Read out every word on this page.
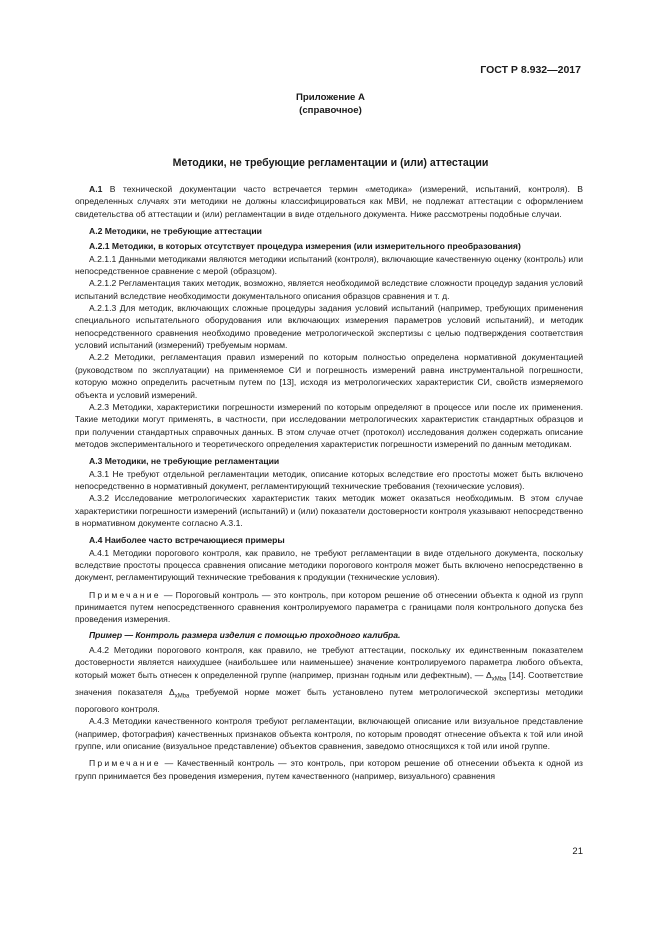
ГОСТ Р 8.932—2017
Приложение А
(справочное)
Методики, не требующие регламентации и (или) аттестации

А.1 В технической документации часто встречается термин «методика» (измерений, испытаний, контроля). В определенных случаях эти методики не должны классифицироваться как МВИ, не подлежат аттестации с оформлением свидетельства об аттестации и (или) регламентации в виде отдельного документа. Ниже рассмотрены подобные случаи.

А.2 Методики, не требующие аттестации

А.2.1 Методики, в которых отсутствует процедура измерения (или измерительного преобразования)

А.2.1.1 Данными методиками являются методики испытаний (контроля), включающие качественную оценку (контроль) или непосредственное сравнение с мерой (образцом).

А.2.1.2 Регламентация таких методик, возможно, является необходимой вследствие сложности процедур задания условий испытаний вследствие необходимости документального описания образцов сравнения и т. д.

А.2.1.3 Для методик, включающих сложные процедуры задания условий испытаний (например, требующих применения специального испытательного оборудования или включающих измерения параметров условий испытаний), и методик непосредственного сравнения необходимо проведение метрологической экспертизы с целью подтверждения соответствия условий испытаний (измерений) требуемым нормам.

А.2.2 Методики, регламентация правил измерений по которым полностью определена нормативной документацией (руководством по эксплуатации) на применяемое СИ и погрешность измерений равна инструментальной погрешности, которую можно определить расчетным путем по [13], исходя из метрологических характеристик СИ, свойств измеряемого объекта и условий измерений.

А.2.3 Методики, характеристики погрешности измерений по которым определяют в процессе или после их применения. Такие методики могут применять, в частности, при исследовании метрологических характеристик стандартных образцов и при получении стандартных справочных данных. В этом случае отчет (протокол) исследования должен содержать описание методов экспериментального и теоретического определения характеристик погрешности измерений по данным методикам.

А.3 Методики, не требующие регламентации

А.3.1 Не требуют отдельной регламентации методик, описание которых вследствие его простоты может быть включено непосредственно в нормативный документ, регламентирующий технические требования (технические условия).

А.3.2 Исследование метрологических характеристик таких методик может оказаться необходимым. В этом случае характеристики погрешности измерений (испытаний) и (или) показатели достоверности контроля указывают непосредственно в нормативном документе согласно А.3.1.

А.4 Наиболее часто встречающиеся примеры

А.4.1 Методики порогового контроля, как правило, не требуют регламентации в виде отдельного документа, поскольку вследствие простоты процесса сравнения описание методики порогового контроля может быть включено непосредственно в документ, регламентирующий технические требования к продукции (технические условия).

Примечание — Пороговый контроль — это контроль, при котором решение об отнесении объекта к одной из групп принимается путем непосредственного сравнения контролируемого параметра с границами поля контрольного допуска без проведения измерения.

Пример — Контроль размера изделия с помощью проходного калибра.

А.4.2 Методики порогового контроля, как правило, не требуют аттестации, поскольку их единственным показателем достоверности является наихудшее (наибольшее или наименьшее) значение контролируемого параметра любого объекта, который может быть отнесен к определенной группе (например, признан годным или дефектным), — $\Delta_{xMba}$ [14]. Соответствие значения показателя $\Delta_{xMba}$ требуемой норме может быть установлено путем метрологической экспертизы методики порогового контроля.

А.4.3 Методики качественного контроля требуют регламентации, включающей описание или визуальное представление (например, фотография) качественных признаков объекта контроля, по которым проводят отнесение объекта к той или иной группе, или описание (визуальное представление) объектов сравнения, заведомо относящихся к той или иной группе.

Примечание — Качественный контроль — это контроль, при котором решение об отнесении объекта к одной из групп принимается без проведения измерения, путем качественного (например, визуального) сравнения

21
